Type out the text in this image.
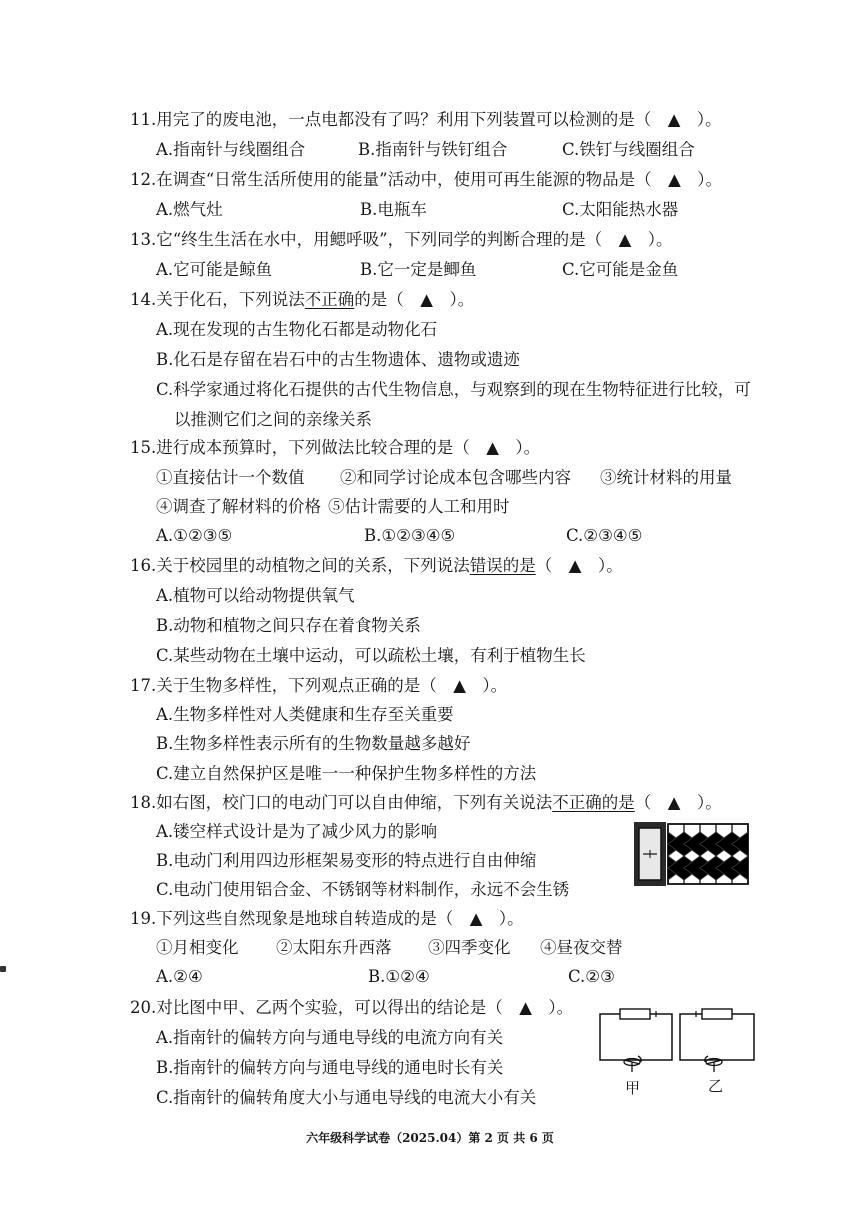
11.用完了的废电池，一点电都没有了吗？利用下列装置可以检测的是（　▲　）。
A.指南针与线圈组合	B.指南针与铁钉组合	C.铁钉与线圈组合
12.在调查“日常生活所使用的能量”活动中，使用可再生能源的物品是（　▲　）。
A.燃气灶	B.电瓶车	C.太阳能热水器
13.它“终生生活在水中，用鳃呼吸”，下列同学的判断合理的是（　▲　）。
A.它可能是鲸鱼	B.它一定是鲫鱼	C.它可能是金鱼
14.关于化石，下列说法不正确的是（　▲　）。
A.现在发现的古生物化石都是动物化石
B.化石是存留在岩石中的古生物遗体、遗物或遗迹
C.科学家通过将化石提供的古代生物信息，与观察到的现在生物特征进行比较，可
以推测它们之间的亲缘关系
15.进行成本预算时，下列做法比较合理的是（　▲　）。
①直接估计一个数值 ②和同学讨论成本包含哪些内容 ③统计材料的用量
④调查了解材料的价格 ⑤估计需要的人工和用时
A.①②③⑤	B.①②③④⑤	C.②③④⑤
16.关于校园里的动植物之间的关系，下列说法错误的是（　▲　）。
A.植物可以给动物提供氧气
B.动物和植物之间只存在着食物关系
C.某些动物在土壤中运动，可以疏松土壤，有利于植物生长
17.关于生物多样性，下列观点正确的是（　▲　）。
A.生物多样性对人类健康和生存至关重要
B.生物多样性表示所有的生物数量越多越好
C.建立自然保护区是唯一一种保护生物多样性的方法
18.如右图，校门口的电动门可以自由伸缩，下列有关说法不正确的是（　▲　）。
A.镂空样式设计是为了减少风力的影响
B.电动门利用四边形框架易变形的特点进行自由伸缩
C.电动门使用铝合金、不锈钢等材料制作，永远不会生锈
19.下列这些自然现象是地球自转造成的是（　▲　）。
①月相变化 ②太阳东升西落 ③四季变化 ④昼夜交替
A.②④	B.①②④	C.②③
20.对比图中甲、乙两个实验，可以得出的结论是（　▲　）。
A.指南针的偏转方向与通电导线的电流方向有关
B.指南针的偏转方向与通电导线的通电时长有关
C.指南针的偏转角度大小与通电导线的电流大小有关	甲	乙
六年级科学试卷（2025.04）第 2 页 共 6 页
